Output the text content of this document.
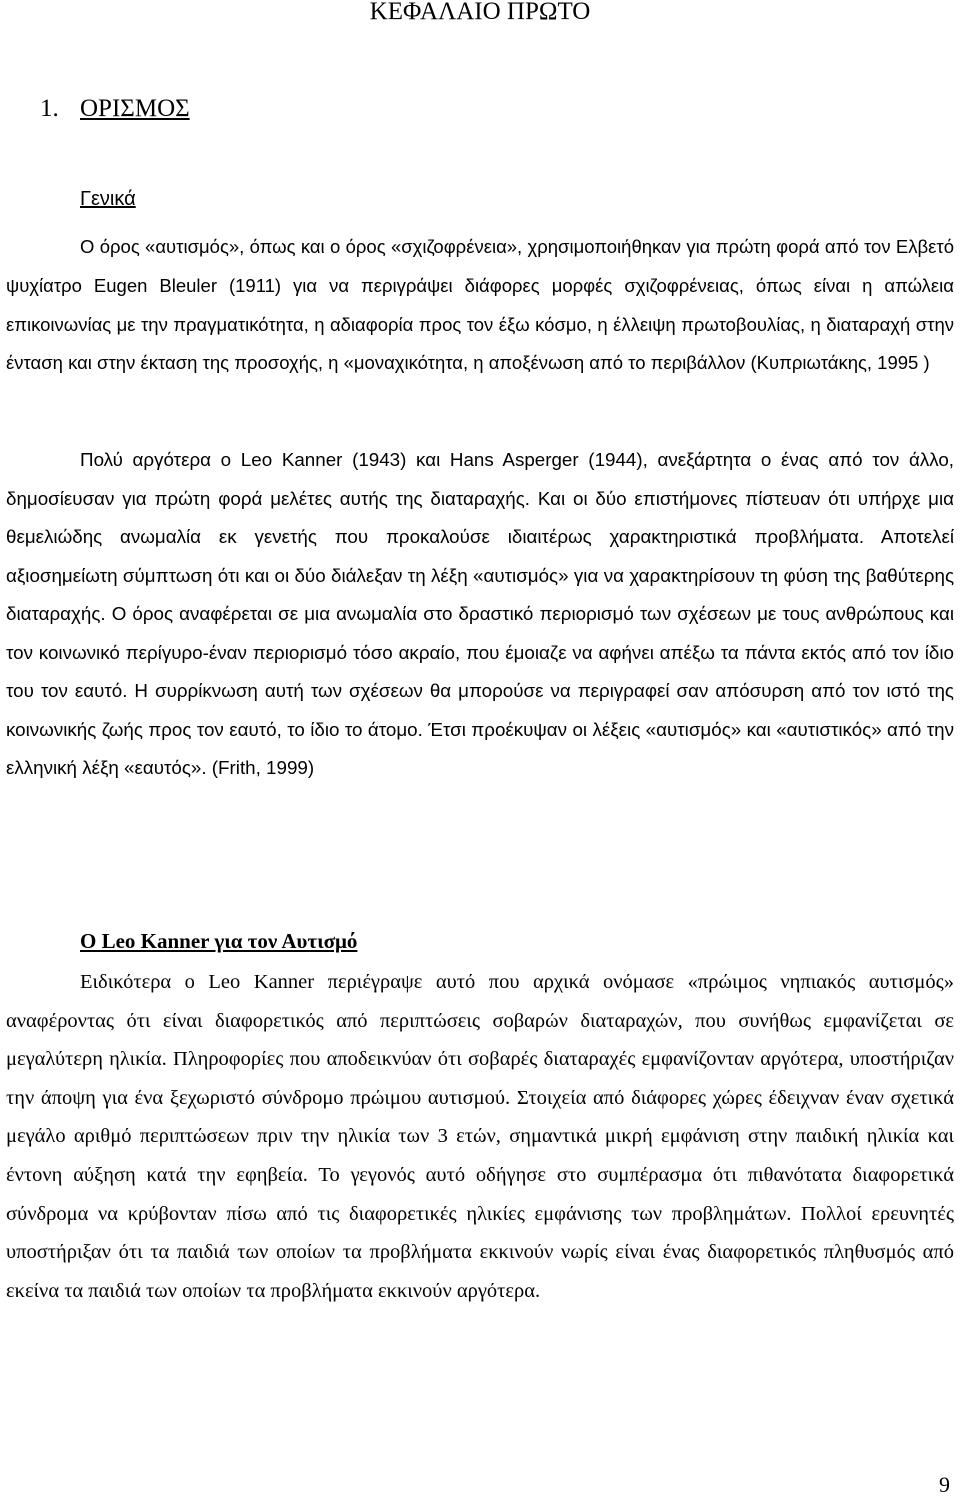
ΚΕΦΑΛΑΙΟ ΠΡΩΤΟ
1. ΟΡΙΣΜΟΣ
Γενικά

Ο όρος «αυτισμός», όπως και ο όρος «σχιζοφρένεια», χρησιμοποιήθηκαν για πρώτη φορά από τον Ελβετό ψυχίατρο Eugen Bleuler (1911) για να περιγράψει διάφορες μορφές σχιζοφρένειας, όπως είναι η απώλεια επικοινωνίας με την πραγματικότητα, η αδιαφορία προς τον έξω κόσμο, η έλλειψη πρωτοβουλίας, η διαταραχή στην ένταση και στην έκταση της προσοχής, η «μοναχικότητα, η αποξένωση από το περιβάλλον (Κυπριωτάκης, 1995 )

Πολύ αργότερα ο Leo Kanner (1943) και Hans Asperger (1944), ανεξάρτητα ο ένας από τον άλλο, δημοσίευσαν για πρώτη φορά μελέτες αυτής της διαταραχής. Και οι δύο επιστήμονες πίστευαν ότι υπήρχε μια θεμελιώδης ανωμαλία εκ γενετής που προκαλούσε ιδιαιτέρως χαρακτηριστικά προβλήματα. Αποτελεί αξιοσημείωτη σύμπτωση ότι και οι δύο διάλεξαν τη λέξη «αυτισμός» για να χαρακτηρίσουν τη φύση της βαθύτερης διαταραχής. Ο όρος αναφέρεται σε μια ανωμαλία στο δραστικό περιορισμό των σχέσεων με τους ανθρώπους και τον κοινωνικό περίγυρο-έναν περιορισμό τόσο ακραίο, που έμοιαζε να αφήνει απέξω τα πάντα εκτός από τον ίδιο του τον εαυτό. Η συρρίκνωση αυτή των σχέσεων θα μπορούσε να περιγραφεί σαν απόσυρση από τον ιστό της κοινωνικής ζωής προς τον εαυτό, το ίδιο το άτομο. Έτσι προέκυψαν οι λέξεις «αυτισμός» και «αυτιστικός» από την ελληνική λέξη «εαυτός». (Frith, 1999)

Ο Leo Kanner για τον Αυτισμό

Ειδικότερα ο Leo Kanner περιέγραψε αυτό που αρχικά ονόμασε «πρώιμος νηπιακός αυτισμός» αναφέροντας ότι είναι διαφορετικός από περιπτώσεις σοβαρών διαταραχών, που συνήθως εμφανίζεται σε μεγαλύτερη ηλικία. Πληροφορίες που αποδεικνύαν ότι σοβαρές διαταραχές εμφανίζονταν αργότερα, υποστήριζαν την άποψη για ένα ξεχωριστό σύνδρομο πρώιμου αυτισμού. Στοιχεία από διάφορες χώρες έδειχναν έναν σχετικά μεγάλο αριθμό περιπτώσεων πριν την ηλικία των 3 ετών, σημαντικά μικρή εμφάνιση στην παιδική ηλικία και έντονη αύξηση κατά την εφηβεία. Το γεγονός αυτό οδήγησε στο συμπέρασμα ότι πιθανότατα διαφορετικά σύνδρομα να κρύβονταν πίσω από τις διαφορετικές ηλικίες εμφάνισης των προβλημάτων. Πολλοί ερευνητές υποστήριξαν ότι τα παιδιά των οποίων τα προβλήματα εκκινούν νωρίς είναι ένας διαφορετικός πληθυσμός από εκείνα τα παιδιά των οποίων τα προβλήματα εκκινούν αργότερα.

9
